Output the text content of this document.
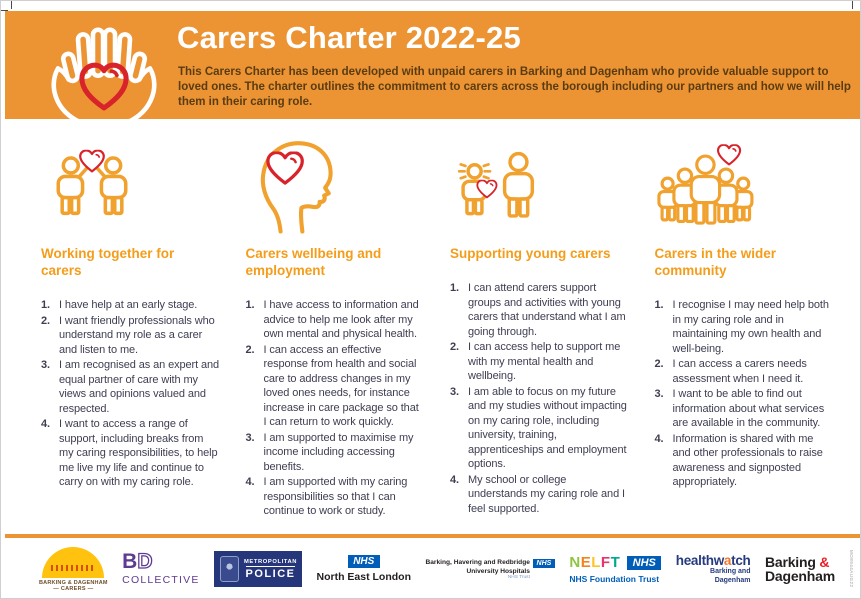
Carers Charter 2022-25
This Carers Charter has been developed with unpaid carers in Barking and Dagenham who provide valuable support to loved ones. The charter outlines the commitment to carers across the borough including our partners and how we will help them in their caring role.
Working together for carers
I have help at an early stage.
I want friendly professionals who understand my role as a carer and listen to me.
I am recognised as an expert and equal partner of care with my views and opinions valued and respected.
I want to access a range of support, including breaks from my caring responsibilities, to help me live my life and continue to carry on with my caring role.
Carers wellbeing and employment
I have access to information and advice to help me look after my own mental and physical health.
I can access an effective response from health and social care to address changes in my loved ones needs, for instance increase in care package so that I can return to work quickly.
I am supported to maximise my income including accessing benefits.
I am supported with my caring responsibilities so that I can continue to work or study.
Supporting young carers
I can attend carers support groups and activities with young carers that understand what I am going through.
I can access help to support me with my mental health and wellbeing.
I am able to focus on my future and my studies without impacting on my caring role, including university, training, apprenticeships and employment options.
My school or college understands my caring role and I feel supported.
Carers in the wider community
I recognise I may need help both in my caring role and in maintaining my own health and well-being.
I can access a carers needs assessment when I need it.
I want to be able to find out information about what services are available in the community.
Information is shared with me and other professionals to raise awareness and signposted appropriately.
BARKING & DAGENHAM
— CARERS —
BD
COLLECTIVE
METROPOLITAN
POLICE
NHS
North East London
Barking, Havering and Redbridge NHS
University Hospitals
NHS Trust
NELFT	NHS
NHS Foundation Trust
healthwatch
Barking and
Dagenham
Barking &
Dagenham	MO8944AUG22
